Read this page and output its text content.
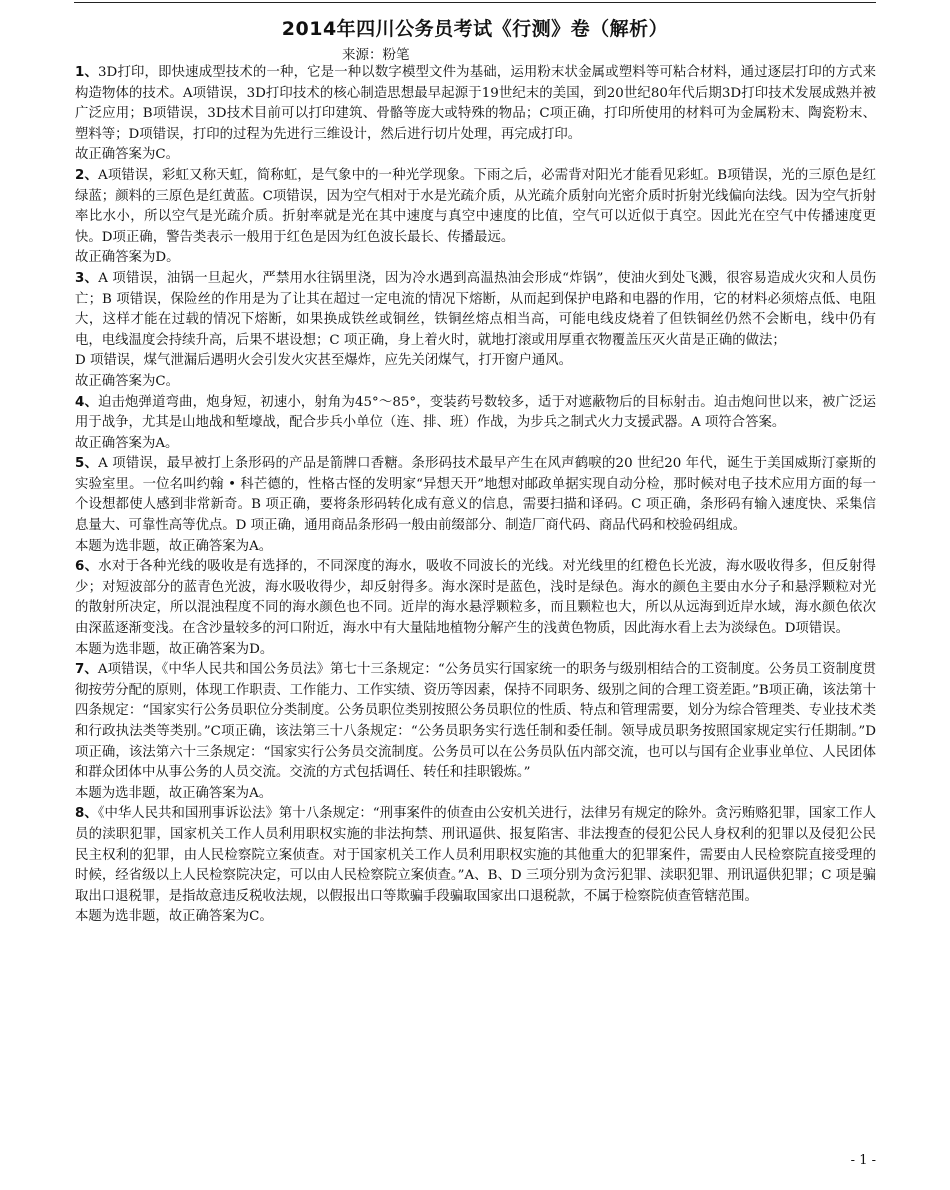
2014年四川公务员考试《行测》卷（解析）
来源：粉笔

1、3D打印，即快速成型技术的一种，它是一种以数字模型文件为基础，运用粉末状金属或塑料等可粘合材料，通过逐层打印的方式来构造物体的技术。A项错误，3D打印技术的核心制造思想最早起源于19世纪末的美国，到20世纪80年代后期3D打印技术发展成熟并被广泛应用；B项错误，3D技术目前可以打印建筑、骨骼等庞大或特殊的物品；C项正确，打印所使用的材料可为金属粉末、陶瓷粉末、塑料等；D项错误，打印的过程为先进行三维设计，然后进行切片处理，再完成打印。

故正确答案为C。

2、A项错误，彩虹又称天虹，简称虹，是气象中的一种光学现象。下雨之后，必需背对阳光才能看见彩虹。B项错误，光的三原色是红绿蓝；颜料的三原色是红黄蓝。C项错误，因为空气相对于水是光疏介质，从光疏介质射向光密介质时折射光线偏向法线。因为空气折射率比水小，所以空气是光疏介质。折射率就是光在其中速度与真空中速度的比值，空气可以近似于真空。因此光在空气中传播速度更快。D项正确，警告类表示一般用于红色是因为红色波长最长、传播最远。

故正确答案为D。

3、A 项错误，油锅一旦起火，严禁用水往锅里浇，因为冷水遇到高温热油会形成“炸锅”，使油火到处飞溅，很容易造成火灾和人员伤亡；B 项错误，保险丝的作用是为了让其在超过一定电流的情况下熔断，从而起到保护电路和电器的作用，它的材料必须熔点低、电阻大，这样才能在过载的情况下熔断，如果换成铁丝或铜丝，铁铜丝熔点相当高，可能电线皮烧着了但铁铜丝仍然不会断电，线中仍有电，电线温度会持续升高，后果不堪设想；C 项正确，身上着火时，就地打滚或用厚重衣物覆盖压灭火苗是正确的做法；

D 项错误，煤气泄漏后遇明火会引发火灾甚至爆炸，应先关闭煤气，打开窗户通风。

故正确答案为C。

4、迫击炮弹道弯曲，炮身短，初速小，射角为45°～85°，变装药号数较多，适于对遮蔽物后的目标射击。迫击炮问世以来，被广泛运用于战争，尤其是山地战和堑壕战，配合步兵小单位（连、排、班）作战，为步兵之制式火力支援武器。A 项符合答案。

故正确答案为A。

5、A 项错误，最早被打上条形码的产品是箭牌口香糖。条形码技术最早产生在风声鹤唳的20 世纪20 年代，诞生于美国威斯汀豪斯的实验室里。一位名叫约翰 • 科芒德的，性格古怪的发明家“异想天开”地想对邮政单据实现自动分检，那时候对电子技术应用方面的每一个设想都使人感到非常新奇。B 项正确，要将条形码转化成有意义的信息，需要扫描和译码。C 项正确，条形码有输入速度快、采集信息量大、可靠性高等优点。D 项正确，通用商品条形码一般由前缀部分、制造厂商代码、商品代码和校验码组成。

本题为选非题，故正确答案为A。

6、水对于各种光线的吸收是有选择的，不同深度的海水，吸收不同波长的光线。对光线里的红橙色长光波，海水吸收得多，但反射得少；对短波部分的蓝青色光波，海水吸收得少，却反射得多。海水深时是蓝色，浅时是绿色。海水的颜色主要由水分子和悬浮颗粒对光的散射所决定，所以混浊程度不同的海水颜色也不同。近岸的海水悬浮颗粒多，而且颗粒也大，所以从远海到近岸水域，海水颜色依次由深蓝逐渐变浅。在含沙量较多的河口附近，海水中有大量陆地植物分解产生的浅黄色物质，因此海水看上去为淡绿色。D项错误。

本题为选非题，故正确答案为D。

7、A项错误，《中华人民共和国公务员法》第七十三条规定：“公务员实行国家统一的职务与级别相结合的工资制度。公务员工资制度贯彻按劳分配的原则，体现工作职责、工作能力、工作实绩、资历等因素，保持不同职务、级别之间的合理工资差距。”B项正确，该法第十四条规定：“国家实行公务员职位分类制度。公务员职位类别按照公务员职位的性质、特点和管理需要，划分为综合管理类、专业技术类和行政执法类等类别。”C项正确，该法第三十八条规定：“公务员职务实行选任制和委任制。领导成员职务按照国家规定实行任期制。”D项正确，该法第六十三条规定：“国家实行公务员交流制度。公务员可以在公务员队伍内部交流，也可以与国有企业事业单位、人民团体和群众团体中从事公务的人员交流。交流的方式包括调任、转任和挂职锻炼。”

本题为选非题，故正确答案为A。

8、《中华人民共和国刑事诉讼法》第十八条规定：“刑事案件的侦查由公安机关进行，法律另有规定的除外。贪污贿赂犯罪，国家工作人员的渎职犯罪，国家机关工作人员利用职权实施的非法拘禁、刑讯逼供、报复陷害、非法搜查的侵犯公民人身权利的犯罪以及侵犯公民民主权利的犯罪，由人民检察院立案侦查。对于国家机关工作人员利用职权实施的其他重大的犯罪案件，需要由人民检察院直接受理的时候，经省级以上人民检察院决定，可以由人民检察院立案侦查。”A、B、D 三项分别为贪污犯罪、渎职犯罪、刑讯逼供犯罪；C 项是骗取出口退税罪，是指故意违反税收法规，以假报出口等欺骗手段骗取国家出口退税款，不属于检察院侦查管辖范围。

本题为选非题，故正确答案为C。

- 1 -
